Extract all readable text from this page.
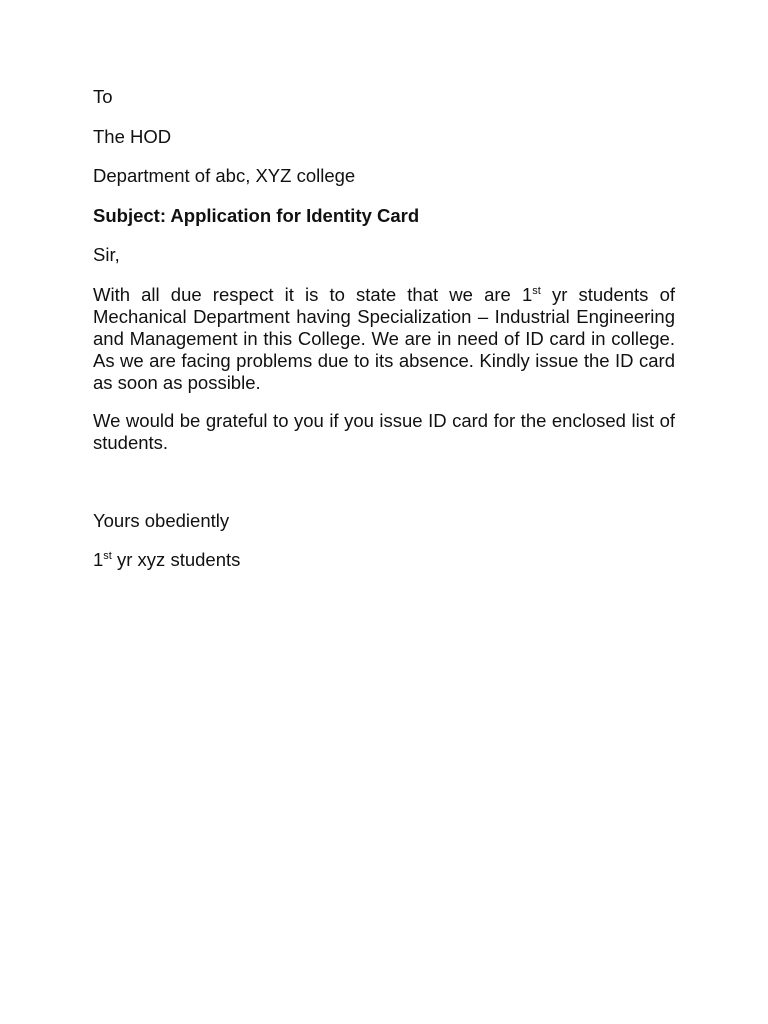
To
The HOD
Department of abc, XYZ college
Subject: Application for Identity Card
Sir,
With all due respect it is to state that we are 1st yr students of Mechanical Department having Specialization – Industrial Engineering and Management in this College. We are in need of ID card in college. As we are facing problems due to its absence. Kindly issue the ID card as soon as possible.
We would be grateful to you if you issue ID card for the enclosed list of students.
Yours obediently
1st yr xyz students
